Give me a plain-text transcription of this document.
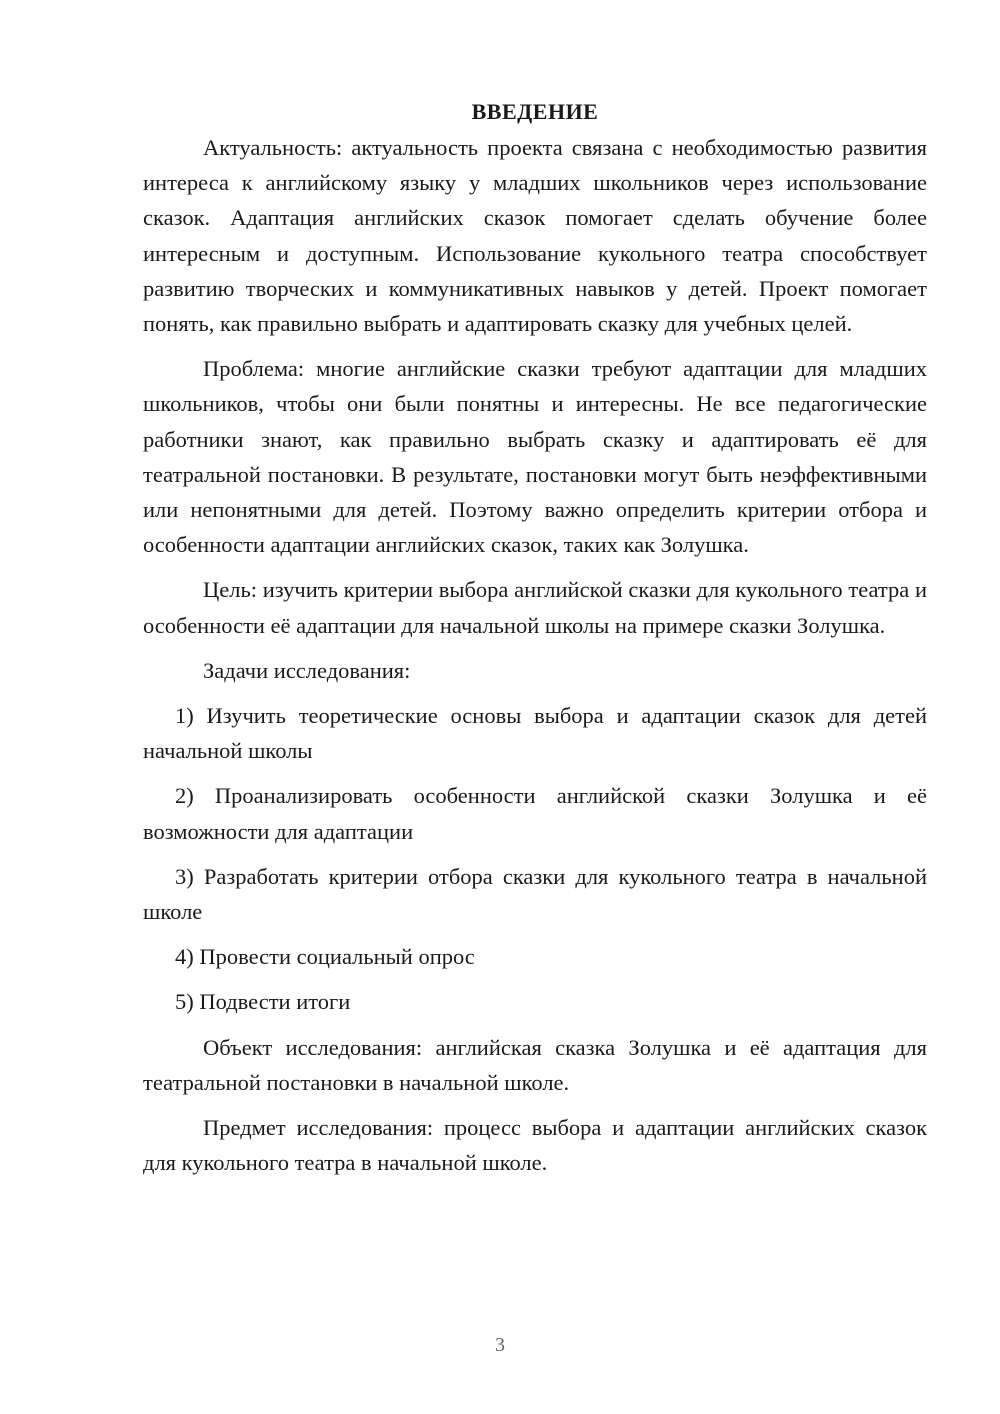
ВВЕДЕНИЕ

Актуальность: актуальность проекта связана с необходимостью развития интереса к английскому языку у младших школьников через использование сказок. Адаптация английских сказок помогает сделать обучение более интересным и доступным. Использование кукольного театра способствует развитию творческих и коммуникативных навыков у детей. Проект помогает понять, как правильно выбрать и адаптировать сказку для учебных целей.

Проблема: многие английские сказки требуют адаптации для младших школьников, чтобы они были понятны и интересны. Не все педагогические работники знают, как правильно выбрать сказку и адаптировать её для театральной постановки. В результате, постановки могут быть неэффективными или непонятными для детей. Поэтому важно определить критерии отбора и особенности адаптации английских сказок, таких как Золушка.

Цель: изучить критерии выбора английской сказки для кукольного театра и особенности её адаптации для начальной школы на примере сказки Золушка.

Задачи исследования:

1) Изучить теоретические основы выбора и адаптации сказок для детей начальной школы

2) Проанализировать особенности английской сказки Золушка и её возможности для адаптации

3) Разработать критерии отбора сказки для кукольного театра в начальной школе

4) Провести социальный опрос

5) Подвести итоги

Объект исследования: английская сказка Золушка и её адаптация для театральной постановки в начальной школе.

Предмет исследования: процесс выбора и адаптации английских сказок для кукольного театра в начальной школе.

3
